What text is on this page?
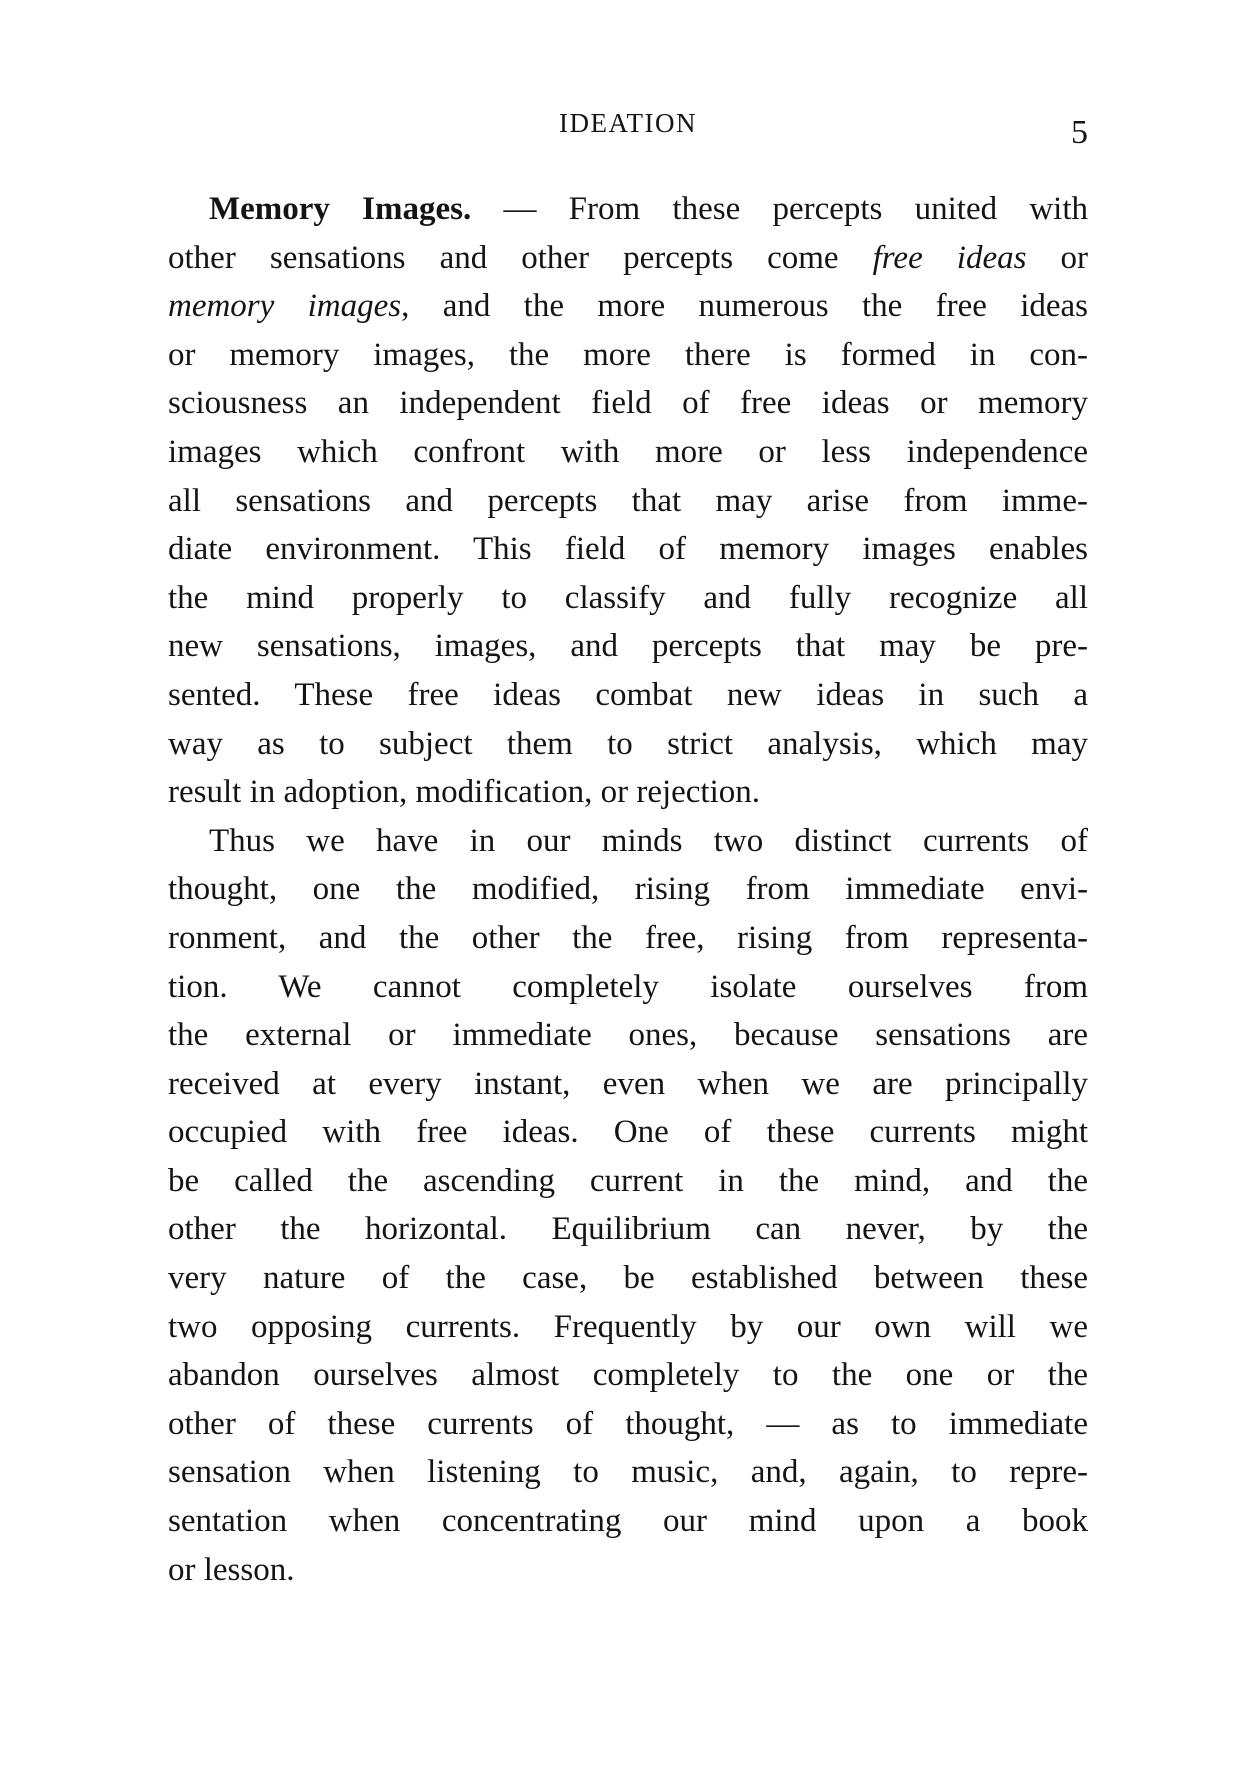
IDEATION	5
Memory Images. — From these percepts united with
other sensations and other percepts come free ideas or
memory images, and the more numerous the free ideas
or memory images, the more there is formed in con-
sciousness an independent field of free ideas or memory
images which confront with more or less independence
all sensations and percepts that may arise from imme-
diate environment. This field of memory images enables
the mind properly to classify and fully recognize all
new sensations, images, and percepts that may be pre-
sented. These free ideas combat new ideas in such a
way as to subject them to strict analysis, which may
result in adoption, modification, or rejection.
Thus we have in our minds two distinct currents of
thought, one the modified, rising from immediate envi-
ronment, and the other the free, rising from representa-
tion. We cannot completely isolate ourselves from
the external or immediate ones, because sensations are
received at every instant, even when we are principally
occupied with free ideas. One of these currents might
be called the ascending current in the mind, and the
other the horizontal. Equilibrium can never, by the
very nature of the case, be established between these
two opposing currents. Frequently by our own will we
abandon ourselves almost completely to the one or the
other of these currents of thought, — as to immediate
sensation when listening to music, and, again, to repre-
sentation when concentrating our mind upon a book
or lesson.
